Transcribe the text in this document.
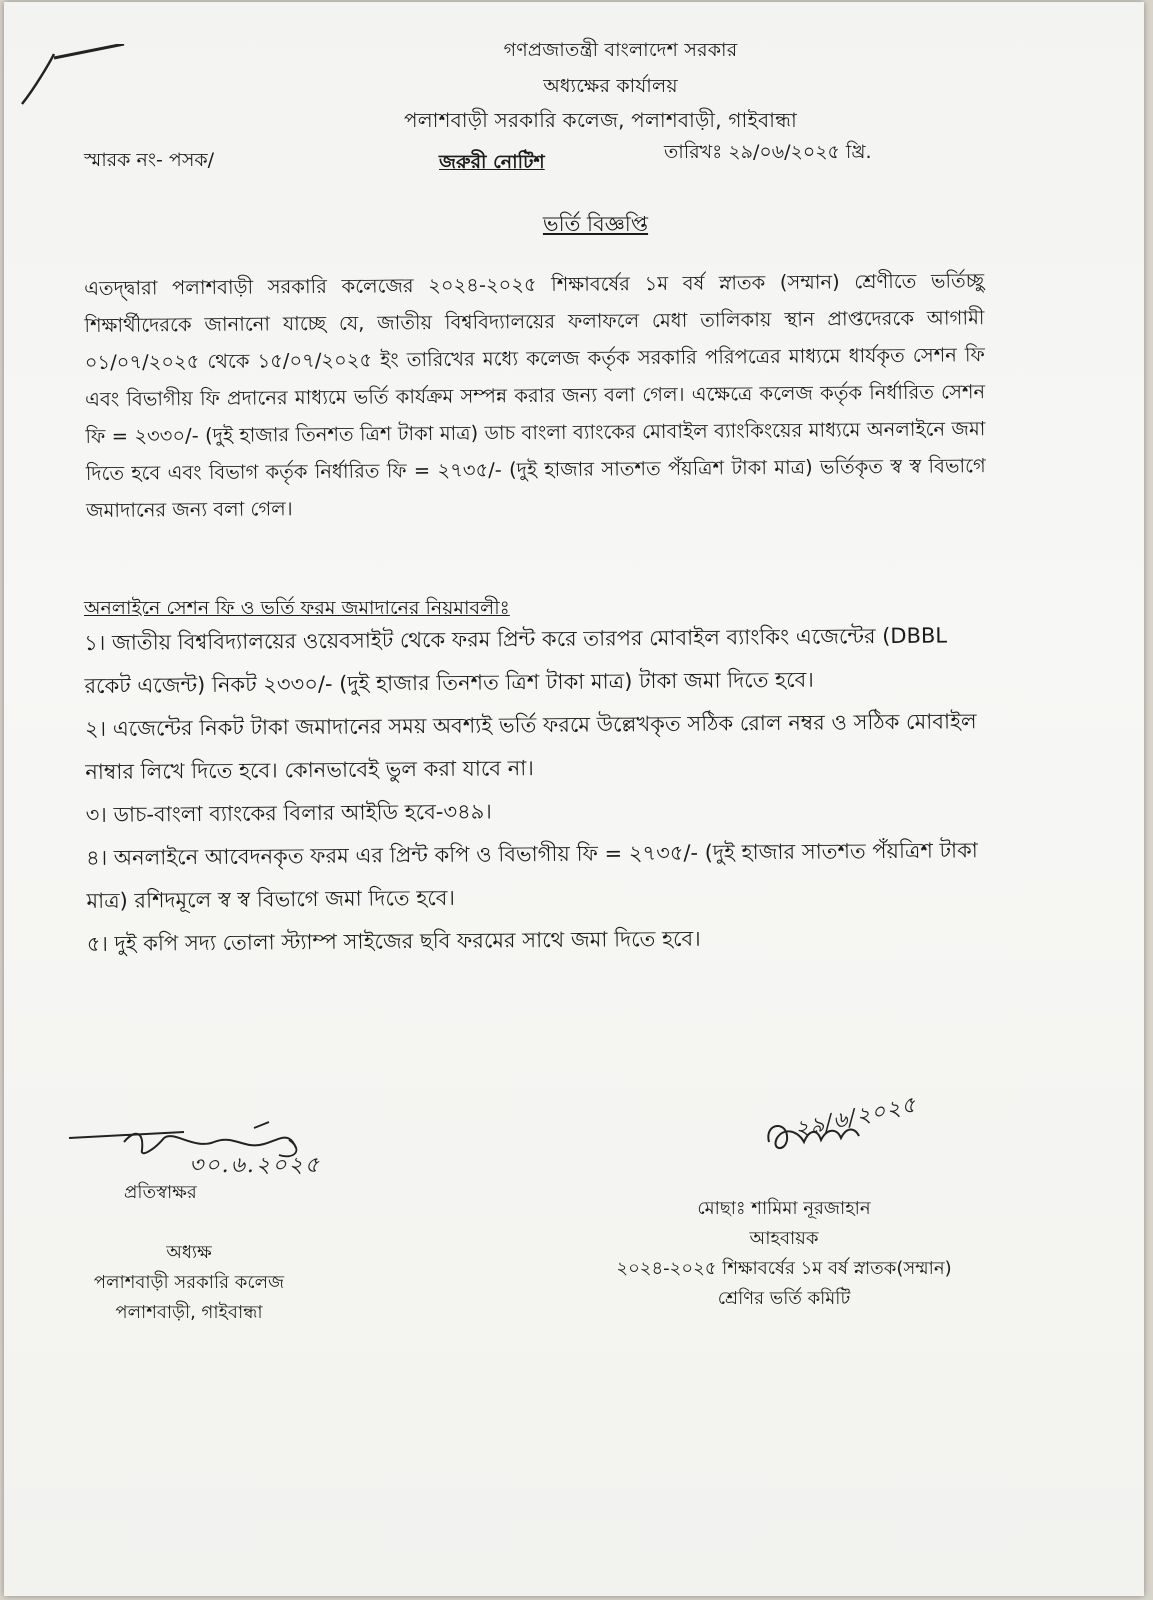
গণপ্রজাতন্ত্রী বাংলাদেশ সরকার
অধ্যক্ষের কার্যালয়
পলাশবাড়ী সরকারি কলেজ, পলাশবাড়ী, গাইবান্ধা
স্মারক নং- পসক/	জরুরী নোটিশ	তারিখঃ ২৯/০৬/২০২৫ খ্রি.
ভর্তি বিজ্ঞপ্তি
এতদ্দ্বারা পলাশবাড়ী সরকারি কলেজের ২০২৪-২০২৫ শিক্ষাবর্ষের ১ম বর্ষ স্নাতক (সম্মান) শ্রেণীতে ভর্তিচ্ছু শিক্ষার্থীদেরকে জানানো যাচ্ছে যে, জাতীয় বিশ্ববিদ্যালয়ের ফলাফলে মেধা তালিকায় স্থান প্রাপ্তদেরকে আগামী ০১/০৭/২০২৫ থেকে ১৫/০৭/২০২৫ ইং তারিখের মধ্যে কলেজ কর্তৃক সরকারি পরিপত্রের মাধ্যমে ধার্যকৃত সেশন ফি এবং বিভাগীয় ফি প্রদানের মাধ্যমে ভর্তি কার্যক্রম সম্পন্ন করার জন্য বলা গেল। এক্ষেত্রে কলেজ কর্তৃক নির্ধারিত সেশন ফি = ২৩৩০/- (দুই হাজার তিনশত ত্রিশ টাকা মাত্র) ডাচ বাংলা ব্যাংকের মোবাইল ব্যাংকিংয়ের মাধ্যমে অনলাইনে জমা দিতে হবে এবং বিভাগ কর্তৃক নির্ধারিত ফি = ২৭৩৫/- (দুই হাজার সাতশত পঁয়ত্রিশ টাকা মাত্র) ভর্তিকৃত স্ব স্ব বিভাগে জমাদানের জন্য বলা গেল।
অনলাইনে সেশন ফি ও ভর্তি ফরম জমাদানের নিয়মাবলীঃ

১। জাতীয় বিশ্ববিদ্যালয়ের ওয়েবসাইট থেকে ফরম প্রিন্ট করে তারপর মোবাইল ব্যাংকিং এজেন্টের (DBBL রকেট এজেন্ট) নিকট ২৩৩০/- (দুই হাজার তিনশত ত্রিশ টাকা মাত্র) টাকা জমা দিতে হবে।

২। এজেন্টের নিকট টাকা জমাদানের সময় অবশ্যই ভর্তি ফরমে উল্লেখকৃত সঠিক রোল নম্বর ও সঠিক মোবাইল নাম্বার লিখে দিতে হবে। কোনভাবেই ভুল করা যাবে না।

৩। ডাচ-বাংলা ব্যাংকের বিলার আইডি হবে-৩৪৯।

৪। অনলাইনে আবেদনকৃত ফরম এর প্রিন্ট কপি ও বিভাগীয় ফি = ২৭৩৫/- (দুই হাজার সাতশত পঁয়ত্রিশ টাকা মাত্র) রশিদমূলে স্ব স্ব বিভাগে জমা দিতে হবে।

৫। দুই কপি সদ্য তোলা স্ট্যাম্প সাইজের ছবি ফরমের সাথে জমা দিতে হবে।

৩০.৬.২০২৫
প্রতিস্বাক্ষর
২৯/৬/২০২৫
অধ্যক্ষ
পলাশবাড়ী সরকারি কলেজ
পলাশবাড়ী, গাইবান্ধা
মোছাঃ শামিমা নূরজাহান
আহবায়ক
২০২৪-২০২৫ শিক্ষাবর্ষের ১ম বর্ষ স্নাতক(সম্মান)
শ্রেণির ভর্তি কমিটি
